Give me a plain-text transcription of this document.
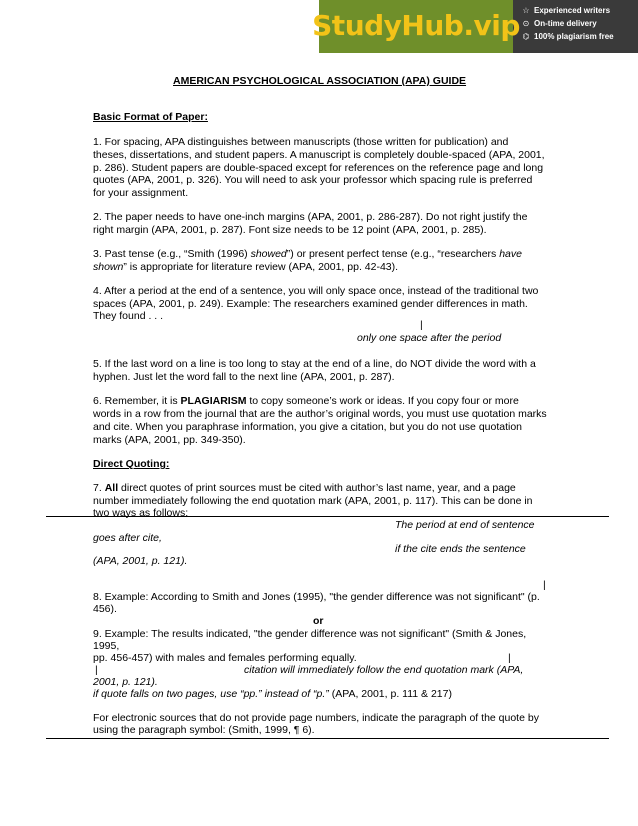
StudyHub.vip ☆ Experienced writers
⊙ On-time delivery
⌬ 100% plagiarism free
AMERICAN PSYCHOLOGICAL ASSOCIATION (APA) GUIDE
Basic Format of Paper:
1. For spacing, APA distinguishes between manuscripts (those written for publication) and
theses, dissertations, and student papers. A manuscript is completely double-spaced (APA, 2001,
p. 286). Student papers are double-spaced except for references on the reference page and long
quotes (APA, 2001, p. 326). You will need to ask your professor which spacing rule is preferred
for your assignment.
2. The paper needs to have one-inch margins (APA, 2001, p. 286-287). Do not right justify the
right margin (APA, 2001, p. 287). Font size needs to be 12 point (APA, 2001, p. 285).
3. Past tense (e.g., “Smith (1996) showed”) or present perfect tense (e.g., “researchers have
shown” is appropriate for literature review (APA, 2001, pp. 42-43).
4. After a period at the end of a sentence, you will only space once, instead of the traditional two
spaces (APA, 2001, p. 249). Example: The researchers examined gender differences in math.
They found . . .
|
only one space after the period
5. If the last word on a line is too long to stay at the end of a line, do NOT divide the word with a
hyphen. Just let the word fall to the next line (APA, 2001, p. 287).
6. Remember, it is PLAGIARISM to copy someone’s work or ideas. If you copy four or more
words in a row from the journal that are the author’s original words, you must use quotation marks
and cite. When you paraphrase information, you give a citation, but you do not use quotation
marks (APA, 2001, pp. 349-350).
Direct Quoting:
7. All direct quotes of print sources must be cited with author’s last name, year, and a page
number immediately following the end quotation mark (APA, 2001, p. 117). This can be done in
two ways as follows:
The period at end of sentence
goes after cite,
if the cite ends the sentence
(APA, 2001, p. 121).
|
8. Example: According to Smith and Jones (1995), "the gender difference was not significant" (p.
456).
or
9. Example: The results indicated, "the gender difference was not significant" (Smith & Jones,
1995,
pp. 456-457) with males and females performing equally.	|
|	citation will immediately follow the end quotation mark (APA,
2001, p. 121).
if quote falls on two pages, use “pp.” instead of “p.” (APA, 2001, p. 111 & 217)
For electronic sources that do not provide page numbers, indicate the paragraph of the quote by
using the paragraph symbol: (Smith, 1999, ¶ 6).
